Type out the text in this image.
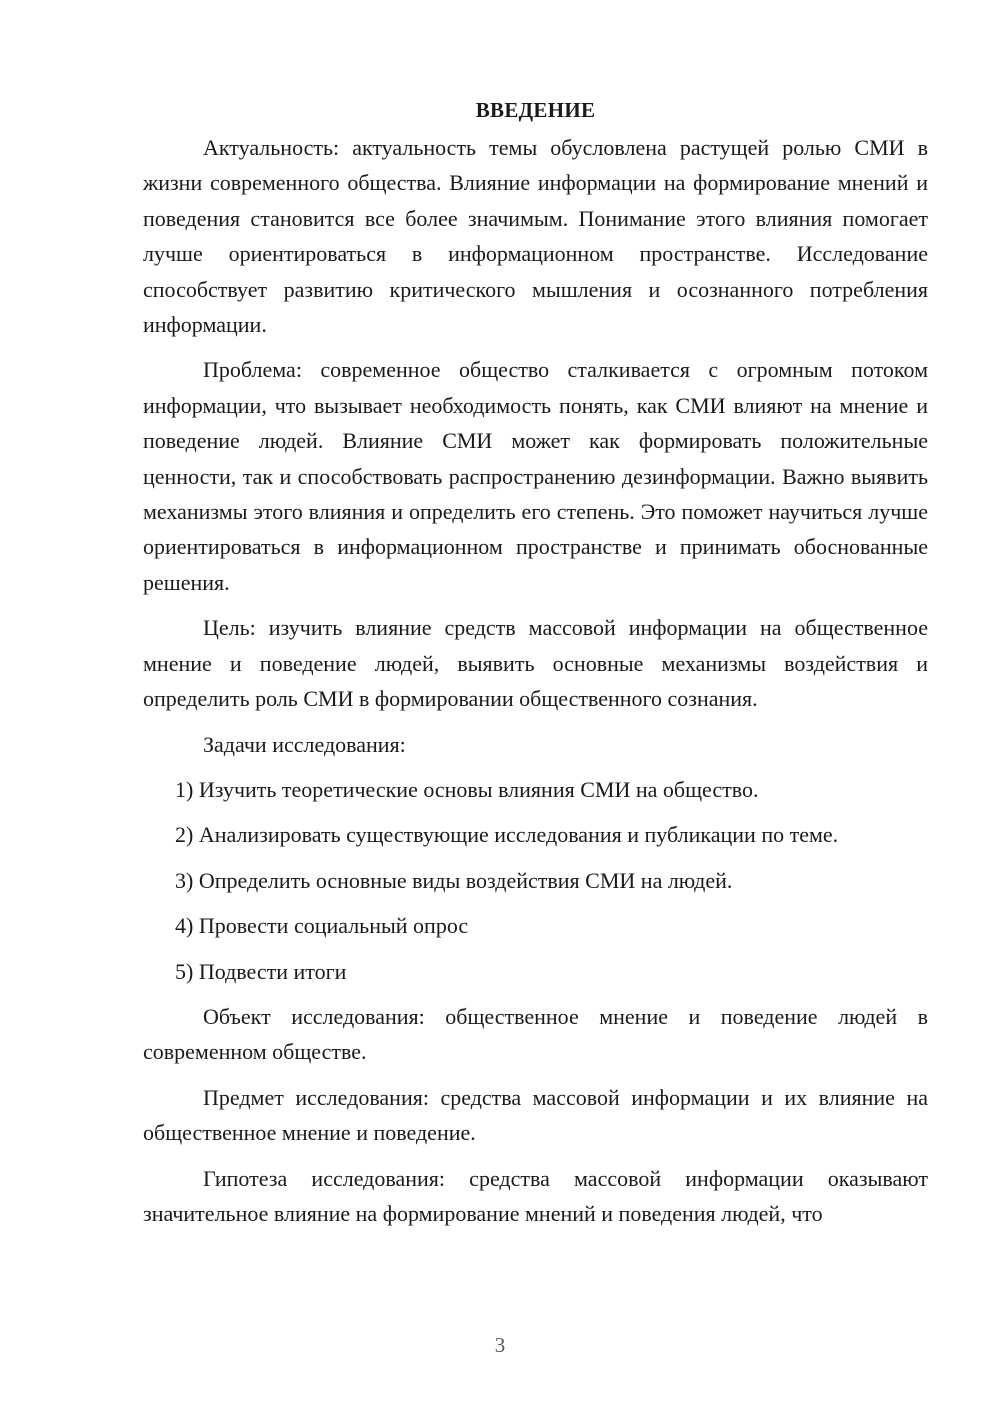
ВВЕДЕНИЕ

Актуальность: актуальность темы обусловлена растущей ролью СМИ в жизни современного общества. Влияние информации на формирование мнений и поведения становится все более значимым. Понимание этого влияния помогает лучше ориентироваться в информационном пространстве. Исследование способствует развитию критического мышления и осознанного потребления информации.

Проблема: современное общество сталкивается с огромным потоком информации, что вызывает необходимость понять, как СМИ влияют на мнение и поведение людей. Влияние СМИ может как формировать положительные ценности, так и способствовать распространению дезинформации. Важно выявить механизмы этого влияния и определить его степень. Это поможет научиться лучше ориентироваться в информационном пространстве и принимать обоснованные решения.

Цель: изучить влияние средств массовой информации на общественное мнение и поведение людей, выявить основные механизмы воздействия и определить роль СМИ в формировании общественного сознания.

Задачи исследования:

1) Изучить теоретические основы влияния СМИ на общество.
2) Анализировать существующие исследования и публикации по теме.
3) Определить основные виды воздействия СМИ на людей.
4) Провести социальный опрос
5) Подвести итоги

Объект исследования: общественное мнение и поведение людей в современном обществе.

Предмет исследования: средства массовой информации и их влияние на общественное мнение и поведение.

Гипотеза исследования: средства массовой информации оказывают значительное влияние на формирование мнений и поведения людей, что

3
